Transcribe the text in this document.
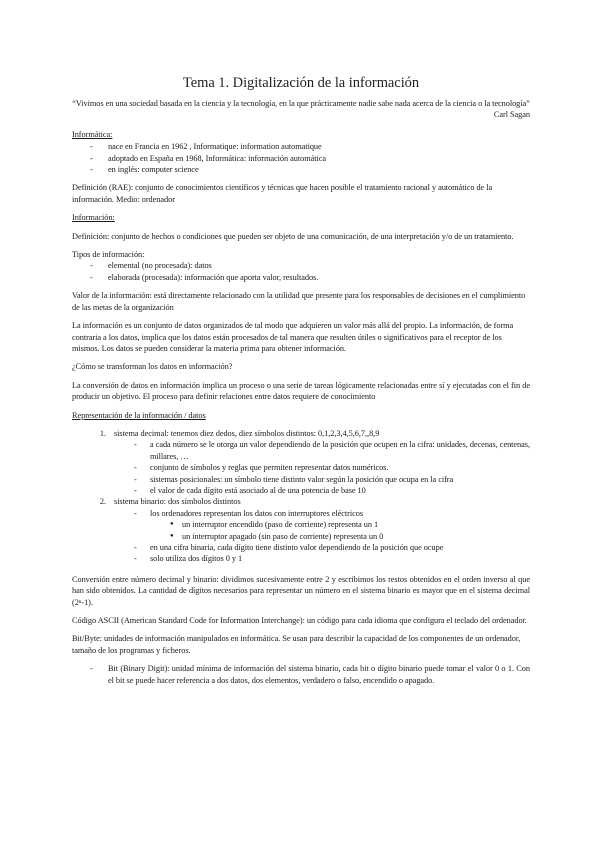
Tema 1. Digitalización de la información

“Vivimos en una sociedad basada en la ciencia y la tecnología, en la que prácticamente nadie sabe nada acerca de la ciencia o la tecnología”

Carl Sagan

Informática:
- nace en Francia en 1962 , Informatique: information automatique
- adoptado en España en 1968, Informática: información automática
- en inglés: computer science

Definición (RAE): conjunto de conocimientos científicos y técnicas que hacen posible el tratamiento racional y automático de la información. Medio: ordenador

Información:

Definición: conjunto de hechos o condiciones que pueden ser objeto de una comunicación, de una interpretación y/o de un tratamiento.

Tipos de información:
- elemental (no procesada): datos
- elaborada (procesada): información que aporta valor, resultados.

Valor de la información: está directamente relacionado con la utilidad que presente para los responsables de decisiones en el cumplimiento de las metas de la organización

La información es un conjunto de datos organizados de tal modo que adquieren un valor más allá del propio. La información, de forma contraria a los datos, implica que los datos están procesados de tal manera que resulten útiles o significativos para el receptor de los mismos. Los datos se pueden considerar la materia prima para obtener información.

¿Cómo se transforman los datos en información?

La conversión de datos en información implica un proceso o una serie de tareas lógicamente relacionadas entre sí y ejecutadas con el fin de producir un objetivo. El proceso para definir relaciones entre datos requiere de conocimiento

Representación de la información / datos
1. sistema decimal: tenemos diez dedos, diez símbolos distintos: 0,1,2,3,4,5,6,7,,8,9
- a cada número se le otorga un valor dependiendo de la posición que ocupen en la cifra: unidades, decenas, centenas, millares, …
- conjunto de símbolos y reglas que permiten representar datos numéricos.
- sistemas posicionales: un símbolo tiene distinto valor según la posición que ocupa en la cifra
- el valor de cada dígito está asociado al de una potencia de base 10
2. sistema binario: dos símbolos distintos
- los ordenadores representan los datos con interruptores eléctricos
● un interruptor encendido (paso de corriente) representa un 1
● un interruptor apagado (sin paso de corriente) representa un 0
- en una cifra binaria, cada dígito tiene distinto valor dependiendo de la posición que ocupe
- solo utiliza dos dígitos 0 y 1

Conversión entre número decimal y binario: dividimos sucesivamente entre 2 y escribimos los restos obtenidos en el orden inverso al que han sido obtenidos. La cantidad de dígitos necesarios para representar un número en el sistema binario es mayor que en el sistema decimal (2ⁿ-1).

Código ASCII (American Standard Code for Information Interchange): un código para cada idioma que configura el teclado del ordenador.

Bit/Byte: unidades de información manipulados en informática. Se usan para describir la capacidad de los componentes de un ordenador, tamaño de los programas y ficheros.

- Bit (Binary Digit): unidad mínima de información del sistema binario, cada bit o dígito binario puede tomar el valor 0 o 1. Con el bit se puede hacer referencia a dos datos, dos elementos, verdadero o falso, encendido o apagado.
